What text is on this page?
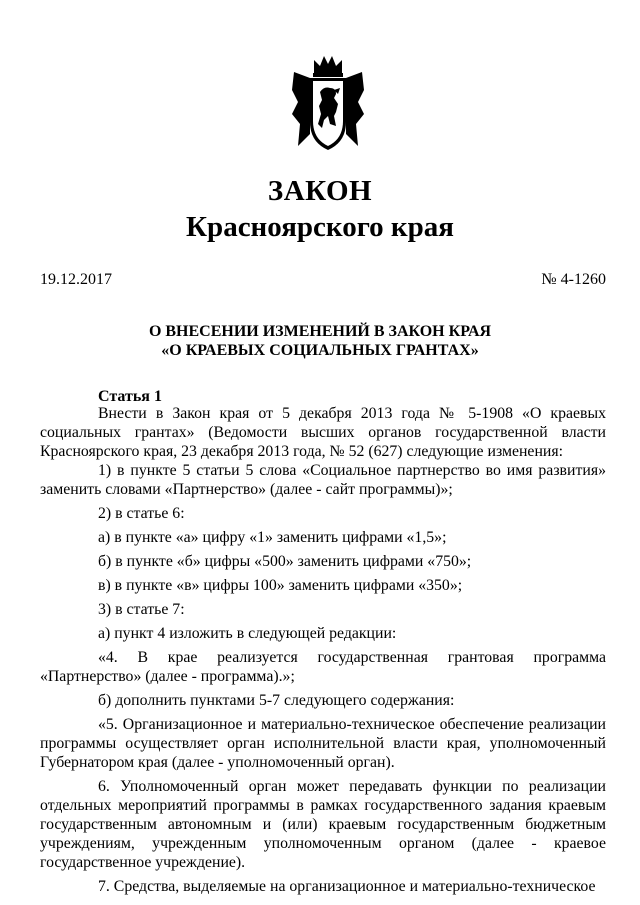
ЗАКОН
Красноярского края
19.12.2017	№ 4-1260
О ВНЕСЕНИИ ИЗМЕНЕНИЙ В ЗАКОН КРАЯ
«О КРАЕВЫХ СОЦИАЛЬНЫХ ГРАНТАХ»
Статья 1

Внести в Закон края от 5 декабря 2013 года № 5-1908 «О краевых социальных грантах» (Ведомости высших органов государственной власти Красноярского края, 23 декабря 2013 года, № 52 (627) следующие изменения:

1) в пункте 5 статьи 5 слова «Социальное партнерство во имя развития» заменить словами «Партнерство» (далее - сайт программы)»;

2) в статье 6:

а) в пункте «а» цифру «1» заменить цифрами «1,5»;

б) в пункте «б» цифры «500» заменить цифрами «750»;

в) в пункте «в» цифры 100» заменить цифрами «350»;

3) в статье 7:

а) пункт 4 изложить в следующей редакции:

«4. В крае реализуется государственная грантовая программа «Партнерство» (далее - программа).»;

б) дополнить пунктами 5-7 следующего содержания:

«5. Организационное и материально-техническое обеспечение реализации программы осуществляет орган исполнительной власти края, уполномоченный Губернатором края (далее - уполномоченный орган).

6. Уполномоченный орган может передавать функции по реализации отдельных мероприятий программы в рамках государственного задания краевым государственным автономным и (или) краевым государственным бюджетным учреждениям, учрежденным уполномоченным органом (далее - краевое государственное учреждение).

7. Средства, выделяемые на организационное и материально-техническое
